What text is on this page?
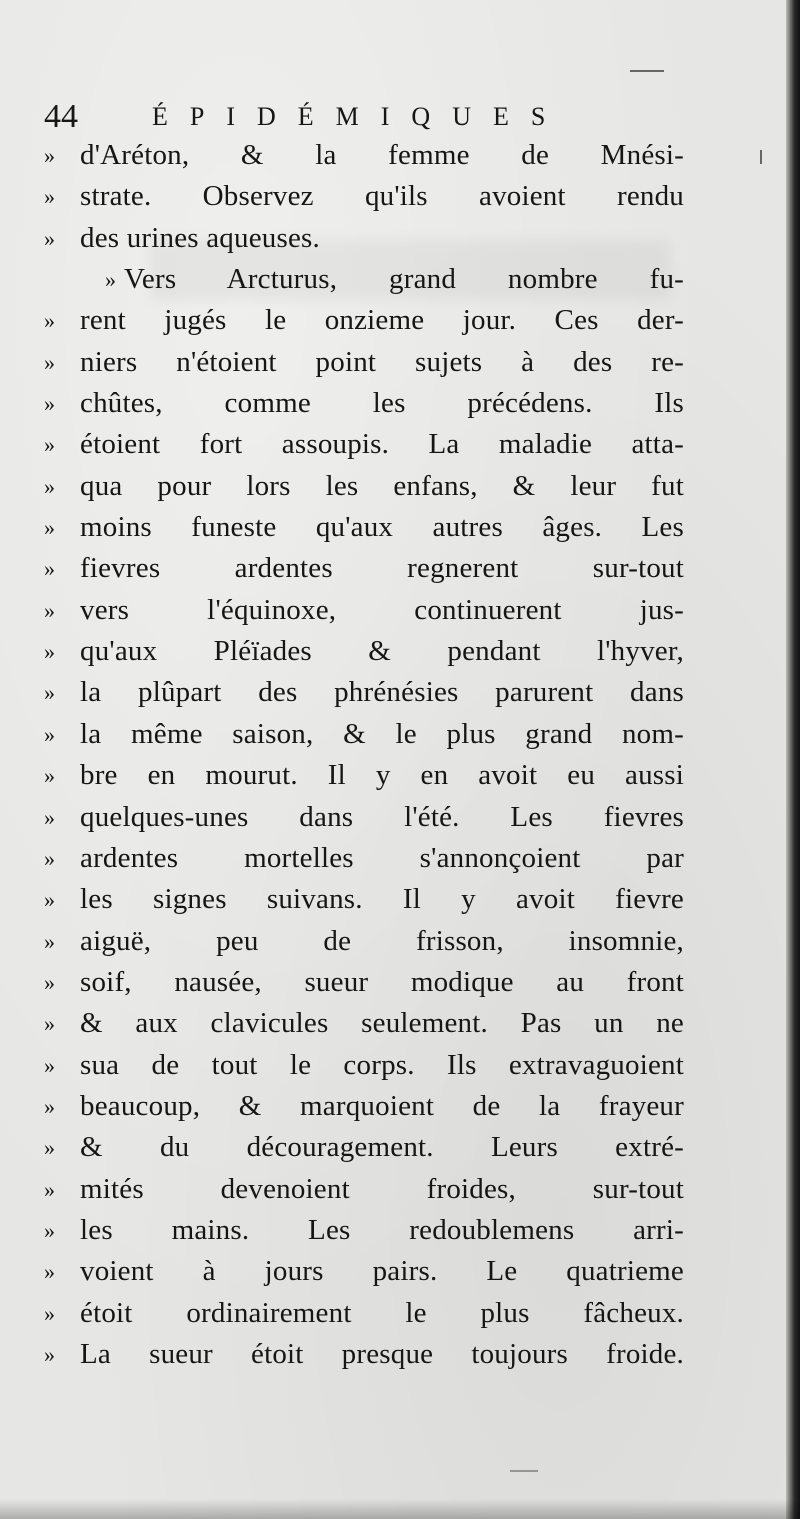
44	ÉPIDÉMIQUES
» d'Aréton, & la femme de Mnési-
» strate. Observez qu'ils avoient rendu
» des urines aqueuses.
» Vers Arcturus, grand nombre fu-
» rent jugés le onzieme jour. Ces der-
» niers n'étoient point sujets à des re-
» chûtes, comme les précédens. Ils
» étoient fort assoupis. La maladie atta-
» qua pour lors les enfans, & leur fut
» moins funeste qu'aux autres âges. Les
» fievres ardentes regnerent sur-tout
» vers l'équinoxe, continuerent jus-
» qu'aux Pléïades & pendant l'hyver,
» la plûpart des phrénésies parurent dans
» la même saison, & le plus grand nom-
» bre en mourut. Il y en avoit eu aussi
» quelques-unes dans l'été. Les fievres
» ardentes mortelles s'annonçoient par
» les signes suivans. Il y avoit fievre
» aiguë, peu de frisson, insomnie,
» soif, nausée, sueur modique au front
» & aux clavicules seulement. Pas un ne
» sua de tout le corps. Ils extravaguoient
» beaucoup, & marquoient de la frayeur
» & du découragement. Leurs extré-
» mités devenoient froides, sur-tout
» les mains. Les redoublemens arri-
» voient à jours pairs. Le quatrieme
» étoit ordinairement le plus fâcheux.
» La sueur étoit presque toujours froide.
